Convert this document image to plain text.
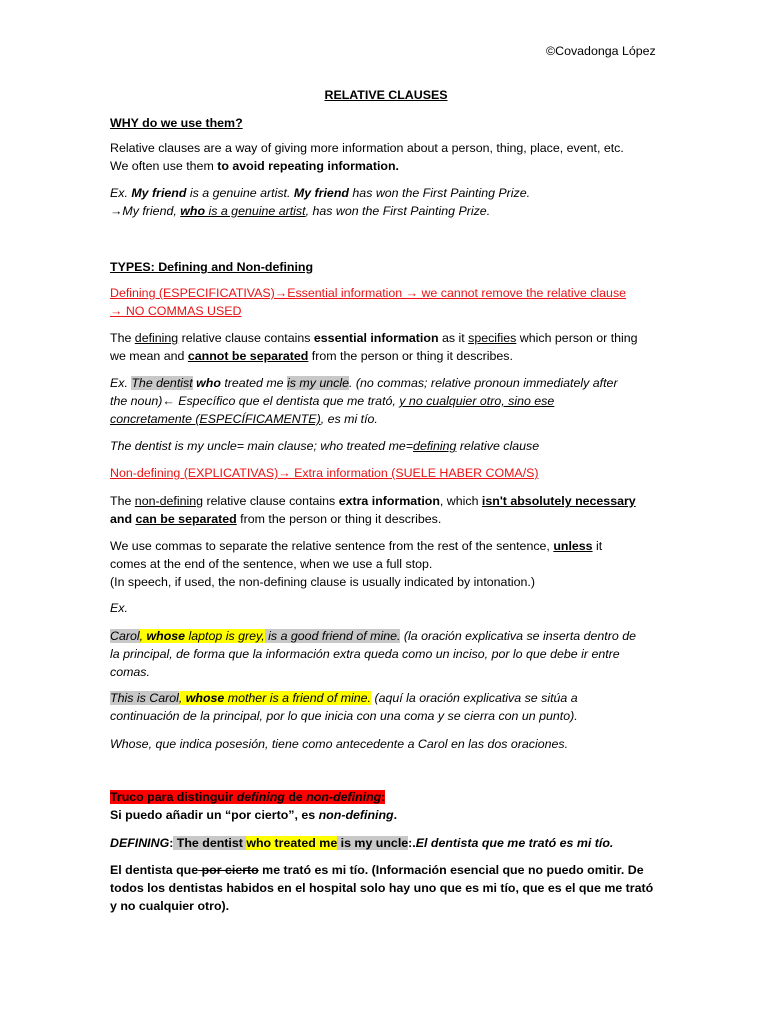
©Covadonga López
RELATIVE CLAUSES
WHY do we use them?
Relative clauses are a way of giving more information about a person, thing, place, event, etc.
We often use them to avoid repeating information.
Ex. My friend is a genuine artist. My friend has won the First Painting Prize.
→My friend, who is a genuine artist, has won the First Painting Prize.
TYPES: Defining and Non-defining
Defining (ESPECIFICATIVAS)→Essential information → we cannot remove the relative clause
→ NO COMMAS USED
The defining relative clause contains essential information as it specifies which person or thing
we mean and cannot be separated from the person or thing it describes.
Ex. The dentist who treated me is my uncle. (no commas; relative pronoun immediately after
the noun)← Específico que el dentista que me trató, y no cualquier otro, sino ese
concretamente (ESPECÍFICAMENTE), es mi tío.
The dentist is my uncle= main clause; who treated me=defining relative clause
Non-defining (EXPLICATIVAS)→ Extra information (SUELE HABER COMA/S)
The non-defining relative clause contains extra information, which isn't absolutely necessary
and can be separated from the person or thing it describes.
We use commas to separate the relative sentence from the rest of the sentence, unless it
comes at the end of the sentence, when we use a full stop.
(In speech, if used, the non-defining clause is usually indicated by intonation.)
Ex.
Carol, whose laptop is grey, is a good friend of mine. (la oración explicativa se inserta dentro de
la principal, de forma que la información extra queda como un inciso, por lo que debe ir entre
comas.
This is Carol, whose mother is a friend of mine. (aquí la oración explicativa se sitúa a
continuación de la principal, por lo que inicia con una coma y se cierra con un punto).
Whose, que indica posesión, tiene como antecedente a Carol en las dos oraciones.
Truco para distinguir defining de non-defining:
Si puedo añadir un “por cierto”, es non-defining.
DEFINING: The dentist who treated me is my uncle:.El dentista que me trató es mi tío.
El dentista que por cierto me trató es mi tío. (Información esencial que no puedo omitir. De
todos los dentistas habidos en el hospital solo hay uno que es mi tío, que es el que me trató
y no cualquier otro).
